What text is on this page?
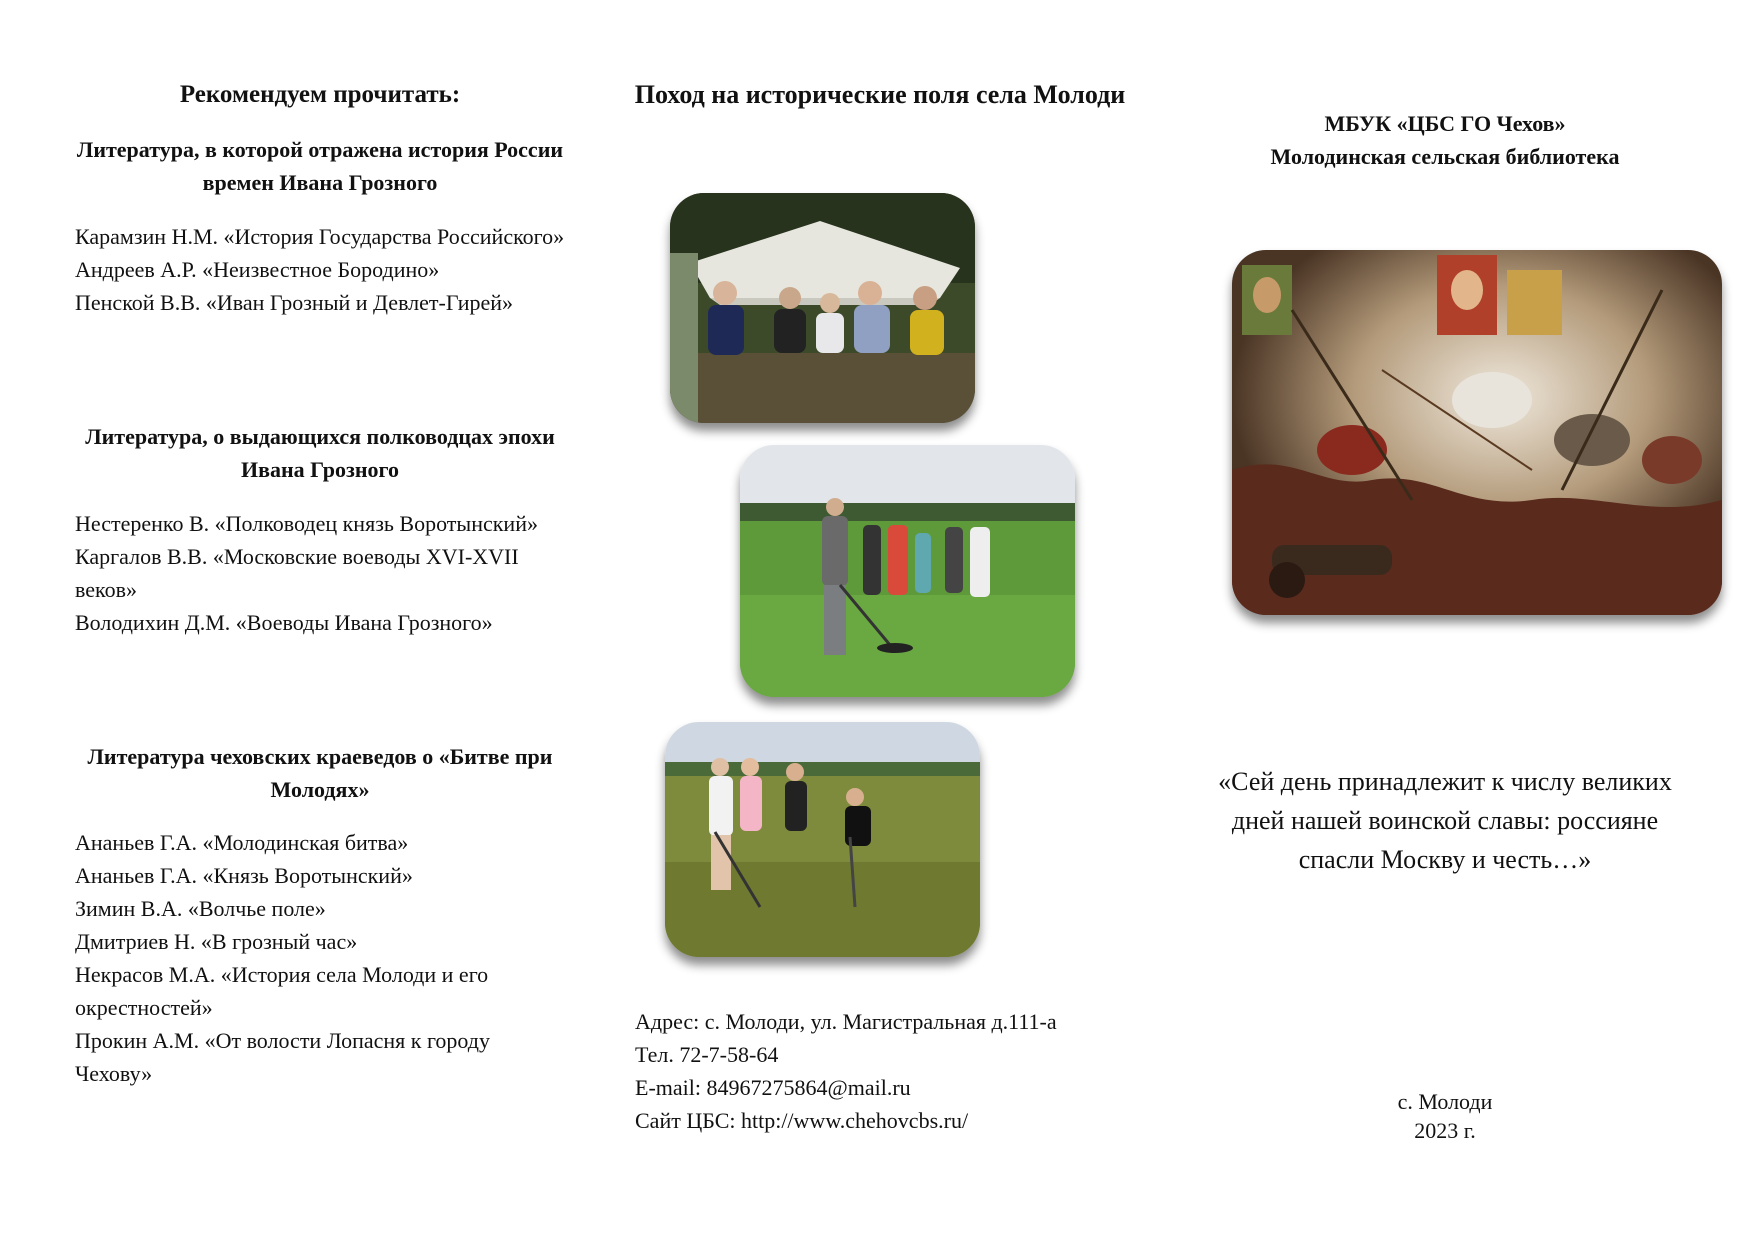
Рекомендуем прочитать:
Литература, в которой отражена история России времен Ивана Грозного

Карамзин Н.М. «История Государства Российского»

Андреев А.Р. «Неизвестное Бородино»

Пенской В.В. «Иван Грозный и Девлет-Гирей»

Литература, о выдающихся полководцах эпохи Ивана Грозного

Нестеренко В. «Полководец князь Воротынский»

Каргалов В.В. «Московские воеводы XVI-XVII веков»

Володихин Д.М. «Воеводы Ивана Грозного»

Литература чеховских краеведов о «Битве при Молодях»

Ананьев Г.А. «Молодинская битва»

Ананьев Г.А. «Князь Воротынский»

Зимин В.А. «Волчье поле»

Дмитриев Н. «В грозный час»

Некрасов М.А. «История села Молоди и его окрестностей»

Прокин А.М. «От волости Лопасня к городу Чехову»

Поход на исторические поля села Молоди

Адрес: с. Молоди, ул. Магистральная д.111-а

Тел. 72-7-58-64

E-mail: 84967275864@mail.ru

Сайт ЦБС: http://www.chehovcbs.ru/

МБУК «ЦБС ГО Чехов»

Молодинская сельская библиотека

«Сей день принадлежит к числу великих дней нашей воинской славы: россияне спасли Москву и честь…»

с. Молоди

2023 г.
